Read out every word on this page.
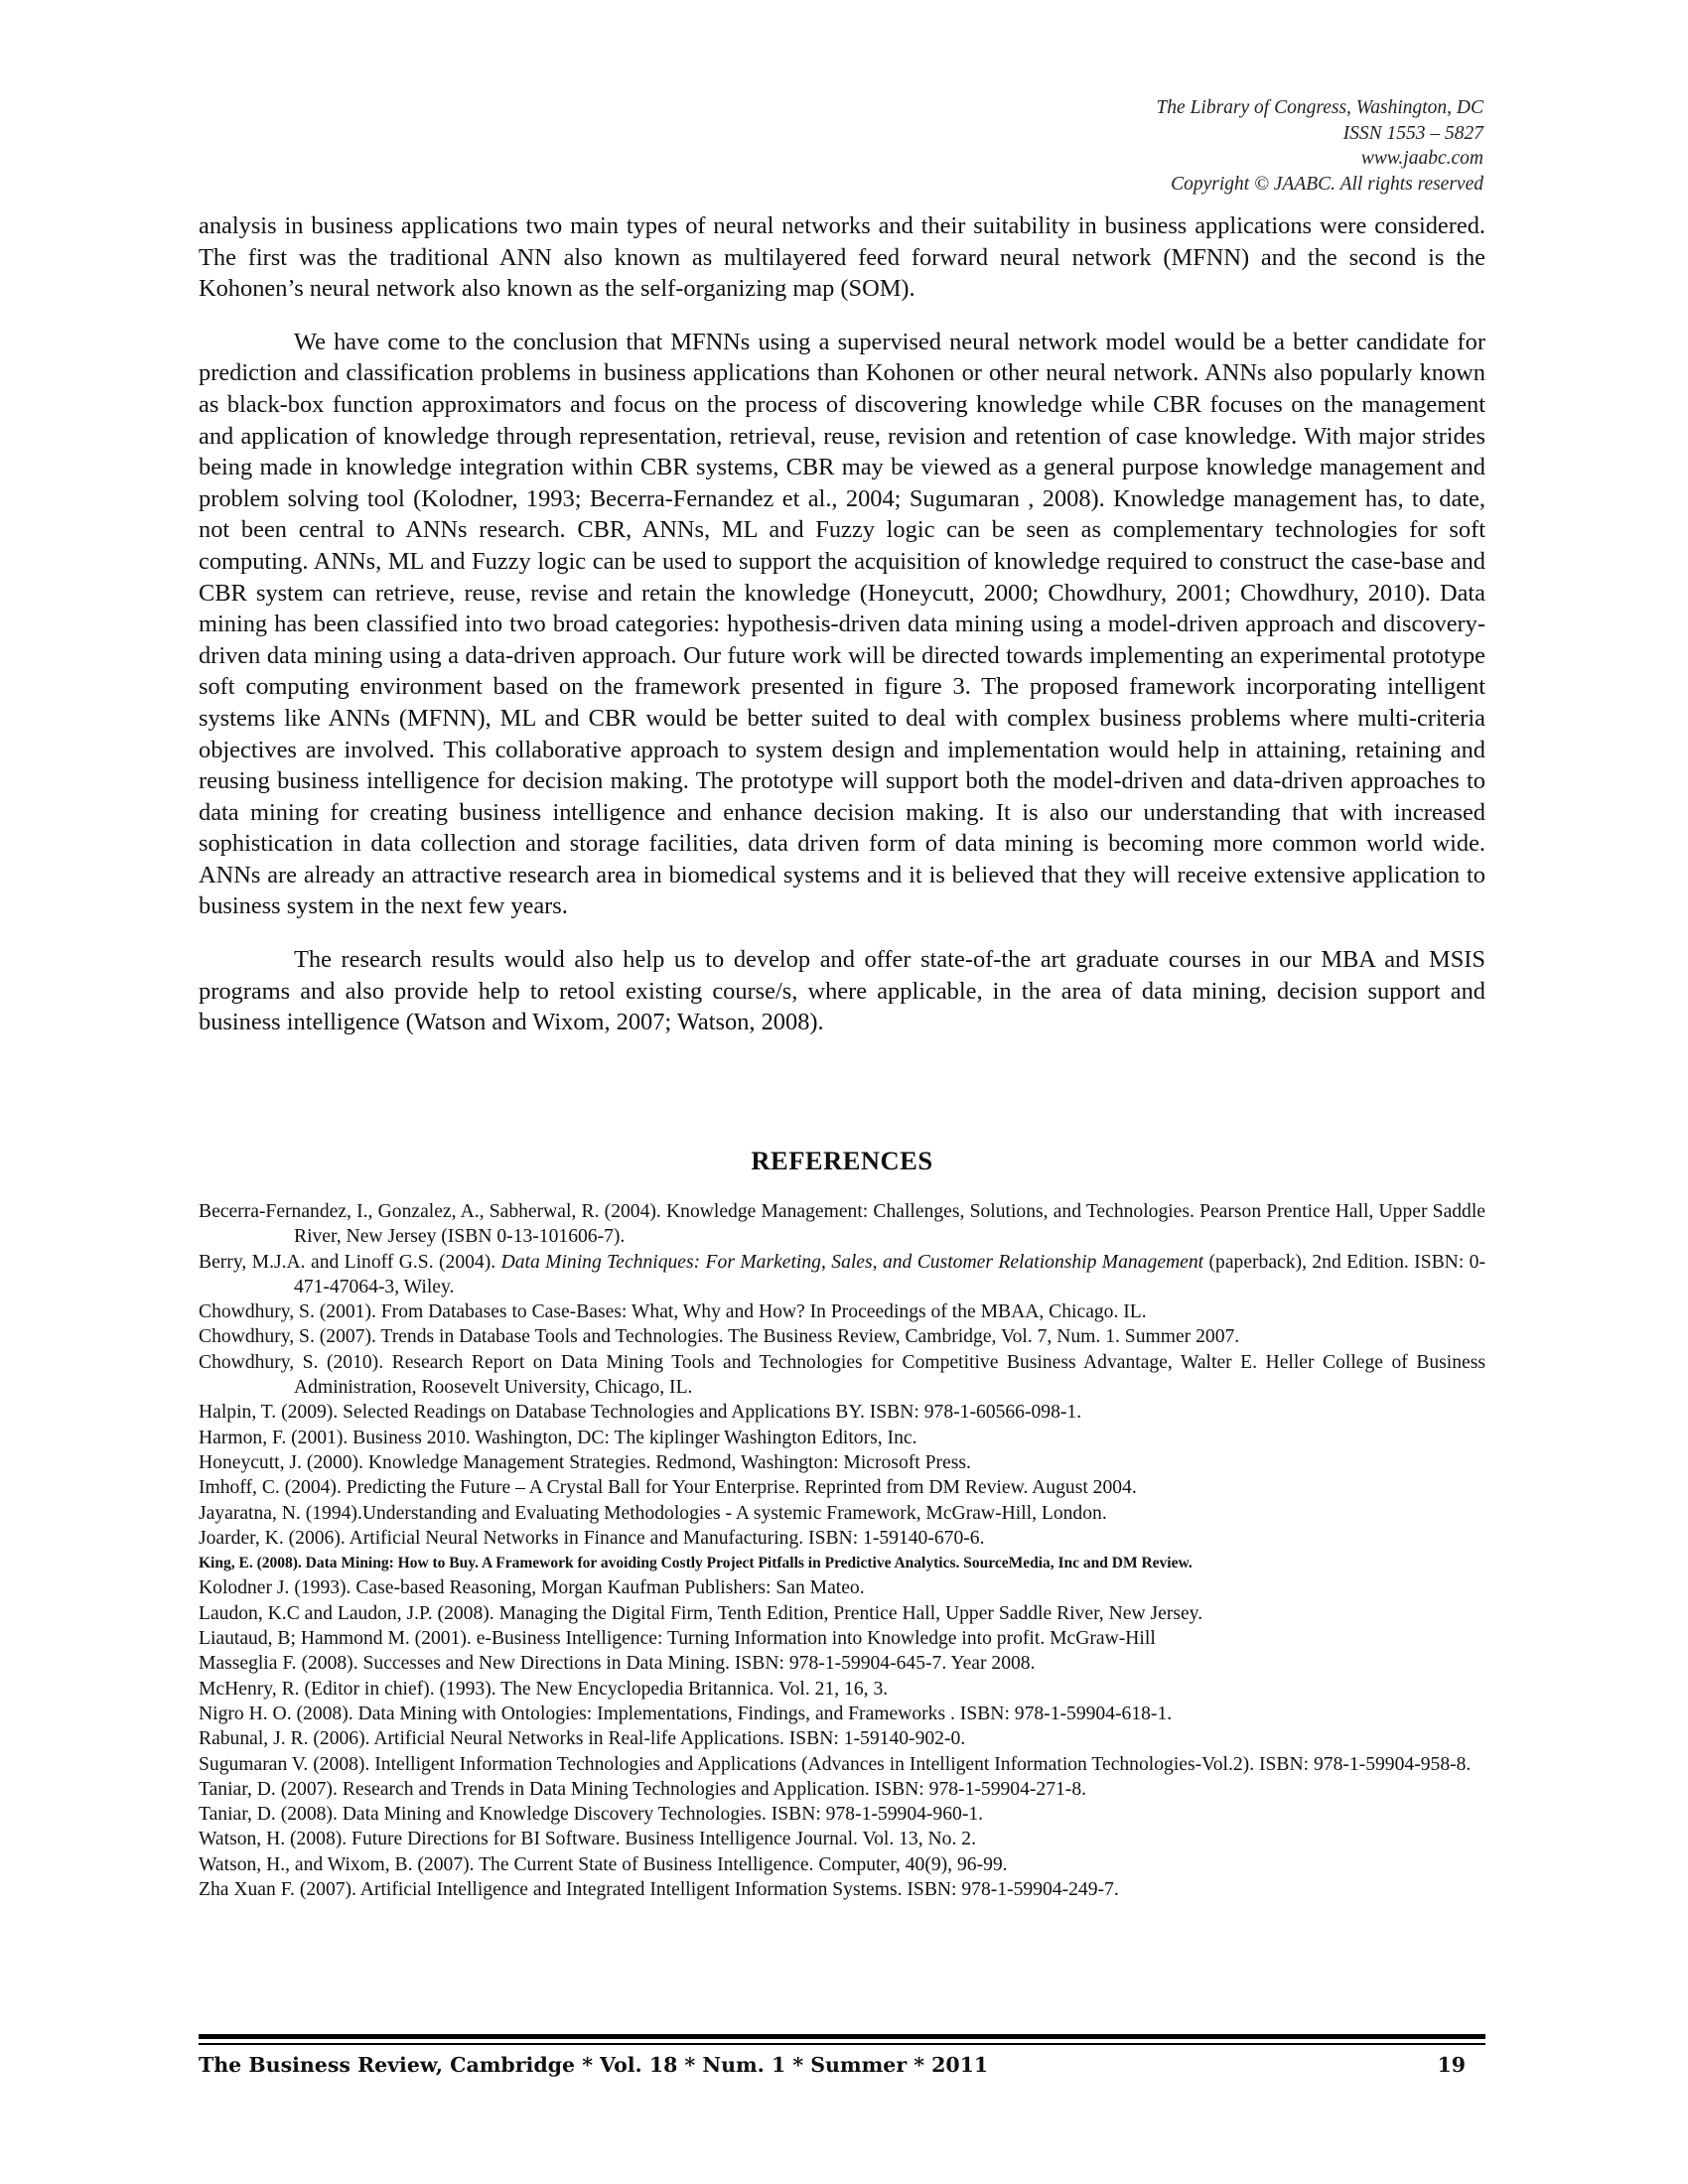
The Library of Congress, Washington, DC
ISSN 1553 – 5827
www.jaabc.com
Copyright © JAABC. All rights reserved

analysis in business applications two main types of neural networks and their suitability in business applications were considered. The first was the traditional ANN also known as multilayered feed forward neural network (MFNN) and the second is the Kohonen’s neural network also known as the self-organizing map (SOM).

We have come to the conclusion that MFNNs using a supervised neural network model would be a better candidate for prediction and classification problems in business applications than Kohonen or other neural network. ANNs also popularly known as black-box function approximators and focus on the process of discovering knowledge while CBR focuses on the management and application of knowledge through representation, retrieval, reuse, revision and retention of case knowledge. With major strides being made in knowledge integration within CBR systems, CBR may be viewed as a general purpose knowledge management and problem solving tool (Kolodner, 1993; Becerra-Fernandez et al., 2004; Sugumaran , 2008). Knowledge management has, to date, not been central to ANNs research. CBR, ANNs, ML and Fuzzy logic can be seen as complementary technologies for soft computing. ANNs, ML and Fuzzy logic can be used to support the acquisition of knowledge required to construct the case-base and CBR system can retrieve, reuse, revise and retain the knowledge (Honeycutt, 2000; Chowdhury, 2001; Chowdhury, 2010). Data mining has been classified into two broad categories: hypothesis-driven data mining using a model-driven approach and discovery-driven data mining using a data-driven approach. Our future work will be directed towards implementing an experimental prototype soft computing environment based on the framework presented in figure 3. The proposed framework incorporating intelligent systems like ANNs (MFNN), ML and CBR would be better suited to deal with complex business problems where multi-criteria objectives are involved. This collaborative approach to system design and implementation would help in attaining, retaining and reusing business intelligence for decision making. The prototype will support both the model-driven and data-driven approaches to data mining for creating business intelligence and enhance decision making. It is also our understanding that with increased sophistication in data collection and storage facilities, data driven form of data mining is becoming more common world wide. ANNs are already an attractive research area in biomedical systems and it is believed that they will receive extensive application to business system in the next few years.

The research results would also help us to develop and offer state-of-the art graduate courses in our MBA and MSIS programs and also provide help to retool existing course/s, where applicable, in the area of data mining, decision support and business intelligence (Watson and Wixom, 2007; Watson, 2008).

REFERENCES
Becerra-Fernandez, I., Gonzalez, A., Sabherwal, R. (2004). Knowledge Management: Challenges, Solutions, and Technologies. Pearson Prentice Hall, Upper Saddle River, New Jersey (ISBN 0-13-101606-7).
Berry, M.J.A. and Linoff G.S. (2004). Data Mining Techniques: For Marketing, Sales, and Customer Relationship Management (paperback), 2nd Edition. ISBN: 0-471-47064-3, Wiley.
Chowdhury, S. (2001). From Databases to Case-Bases: What, Why and How? In Proceedings of the MBAA, Chicago. IL.
Chowdhury, S. (2007). Trends in Database Tools and Technologies. The Business Review, Cambridge, Vol. 7, Num. 1. Summer 2007.
Chowdhury, S. (2010). Research Report on Data Mining Tools and Technologies for Competitive Business Advantage, Walter E. Heller College of Business Administration, Roosevelt University, Chicago, IL.
Halpin, T. (2009). Selected Readings on Database Technologies and Applications BY. ISBN: 978-1-60566-098-1.
Harmon, F. (2001). Business 2010. Washington, DC: The kiplinger Washington Editors, Inc.
Honeycutt, J. (2000). Knowledge Management Strategies. Redmond, Washington: Microsoft Press.
Imhoff, C. (2004). Predicting the Future – A Crystal Ball for Your Enterprise. Reprinted from DM Review. August 2004.
Jayaratna, N. (1994).Understanding and Evaluating Methodologies - A systemic Framework, McGraw-Hill, London.
Joarder, K. (2006). Artificial Neural Networks in Finance and Manufacturing. ISBN: 1-59140-670-6.
King, E. (2008). Data Mining: How to Buy. A Framework for avoiding Costly Project Pitfalls in Predictive Analytics. SourceMedia, Inc and DM Review.
Kolodner J. (1993). Case-based Reasoning, Morgan Kaufman Publishers: San Mateo.
Laudon, K.C and Laudon, J.P. (2008). Managing the Digital Firm, Tenth Edition, Prentice Hall, Upper Saddle River, New Jersey.
Liautaud, B; Hammond M. (2001). e-Business Intelligence: Turning Information into Knowledge into profit. McGraw-Hill
Masseglia F. (2008). Successes and New Directions in Data Mining. ISBN: 978-1-59904-645-7. Year 2008.
McHenry, R. (Editor in chief). (1993). The New Encyclopedia Britannica. Vol. 21, 16, 3.
Nigro H. O. (2008). Data Mining with Ontologies: Implementations, Findings, and Frameworks . ISBN: 978-1-59904-618-1.
Rabunal, J. R. (2006). Artificial Neural Networks in Real-life Applications. ISBN: 1-59140-902-0.
Sugumaran V. (2008). Intelligent Information Technologies and Applications (Advances in Intelligent Information Technologies-Vol.2). ISBN: 978-1-59904-958-8.
Taniar, D. (2007). Research and Trends in Data Mining Technologies and Application. ISBN: 978-1-59904-271-8.
Taniar, D. (2008). Data Mining and Knowledge Discovery Technologies. ISBN: 978-1-59904-960-1.
Watson, H. (2008). Future Directions for BI Software. Business Intelligence Journal. Vol. 13, No. 2.
Watson, H., and Wixom, B. (2007). The Current State of Business Intelligence. Computer, 40(9), 96-99.
Zha Xuan F. (2007). Artificial Intelligence and Integrated Intelligent Information Systems. ISBN: 978-1-59904-249-7.
The Business Review, Cambridge * Vol. 18 * Num. 1 * Summer * 2011	19
